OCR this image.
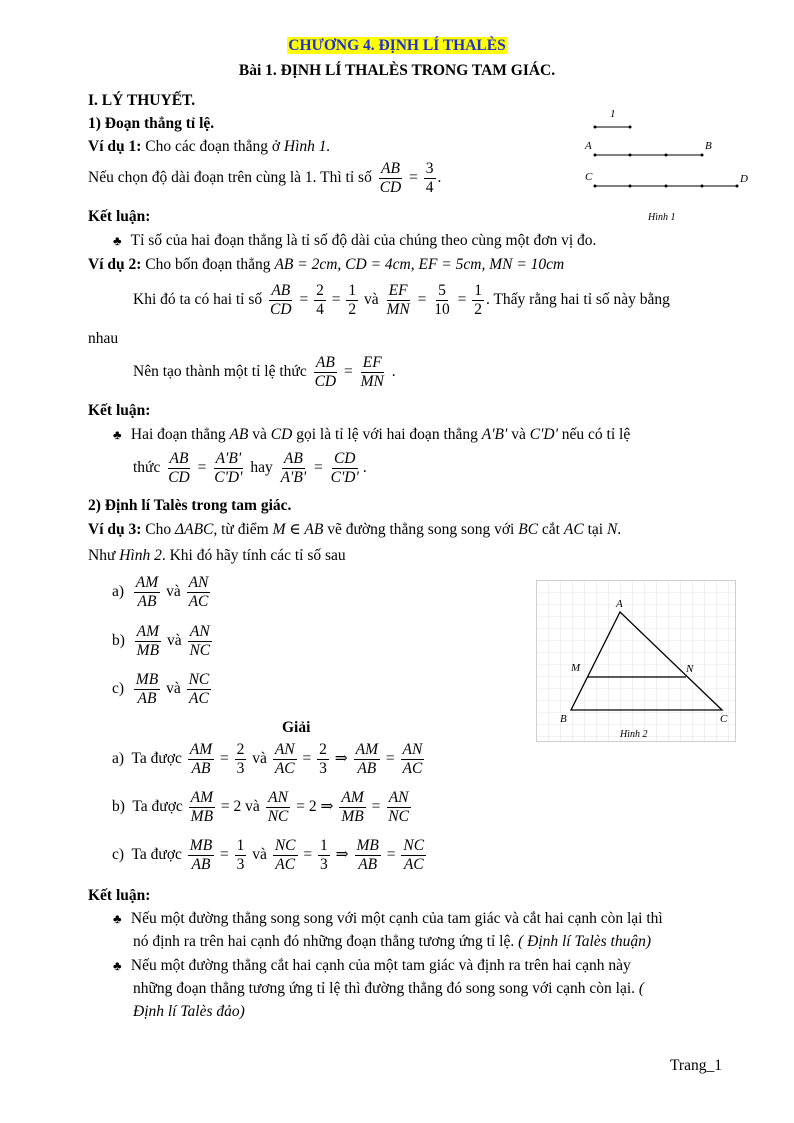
CHƯƠNG 4. ĐỊNH LÍ THALÈS
Bài 1. ĐỊNH LÍ THALÈS TRONG TAM GIÁC.
I. LÝ THUYẾT.
1) Đoạn thẳng tỉ lệ.
Ví dụ 1: Cho các đoạn thẳng ở Hình 1.
Nếu chọn độ dài đoạn trên cùng là 1. Thì tỉ số $\frac{AB}{CD} = \frac{3}{4}$ .
Kết luận:
♣ Tỉ số của hai đoạn thẳng là tỉ số độ dài của chúng theo cùng một đơn vị đo.
Ví dụ 2: Cho bốn đoạn thẳng AB = 2cm, CD = 4cm, EF = 5cm, MN = 10cm
Khi đó ta có hai tỉ số $\frac{AB}{CD} = \frac{2}{4} = \frac{1}{2}$ và $\frac{EF}{MN} = \frac{5}{10} = \frac{1}{2}$ . Thấy rằng hai tỉ số này bằng
nhau
Nên tạo thành một tỉ lệ thức $\frac{AB}{CD} = \frac{EF}{MN}$ .
Kết luận:
♣ Hai đoạn thẳng AB và CD gọi là tỉ lệ với hai đoạn thẳng A'B' và C'D' nếu có tỉ lệ
thức $\frac{AB}{CD} = \frac{A'B'}{C'D'}$ hay $\frac{AB}{A'B'} = \frac{CD}{C'D'}$ .
2) Định lí Talès trong tam giác.
Ví dụ 3: Cho ΔABC, từ điểm M ∈ AB vẽ đường thẳng song song với BC cắt AC tại N.
Như Hình 2. Khi đó hãy tính các tỉ số sau
$a) \frac{AM}{AB}$ và $\frac{AN}{AC}$
$b) \frac{AM}{MB}$ và $\frac{AN}{NC}$
$c) \frac{MB}{AB}$ và $\frac{NC}{AC}$
Giải
a) Ta được $\frac{AM}{AB} = \frac{2}{3}$ và $\frac{AN}{AC} = \frac{2}{3}$ ⇒ $\frac{AM}{AB} = \frac{AN}{AC}$
b) Ta được $\frac{AM}{MB} = 2$ và $\frac{AN}{NC} = 2$ ⇒ $\frac{AM}{MB} = \frac{AN}{NC}$
c) Ta được $\frac{MB}{AB} = \frac{1}{3}$ và $\frac{NC}{AC} = \frac{1}{3}$ ⇒ $\frac{MB}{AB} = \frac{NC}{AC}$
Kết luận:
♣ Nếu một đường thẳng song song với một cạnh của tam giác và cắt hai cạnh còn lại thì
nó định ra trên hai cạnh đó những đoạn thẳng tương ứng tỉ lệ. ( Định lí Talès thuận)
♣ Nếu một đường thẳng cắt hai cạnh của một tam giác và định ra trên hai cạnh này
những đoạn thẳng tương ứng tỉ lệ thì đường thẳng đó song song với cạnh còn lại. (
Định lí Talès đảo)
1
A	B
C	D
Hình 1
A
M	N
B	C
Hình 2
Trang_1
